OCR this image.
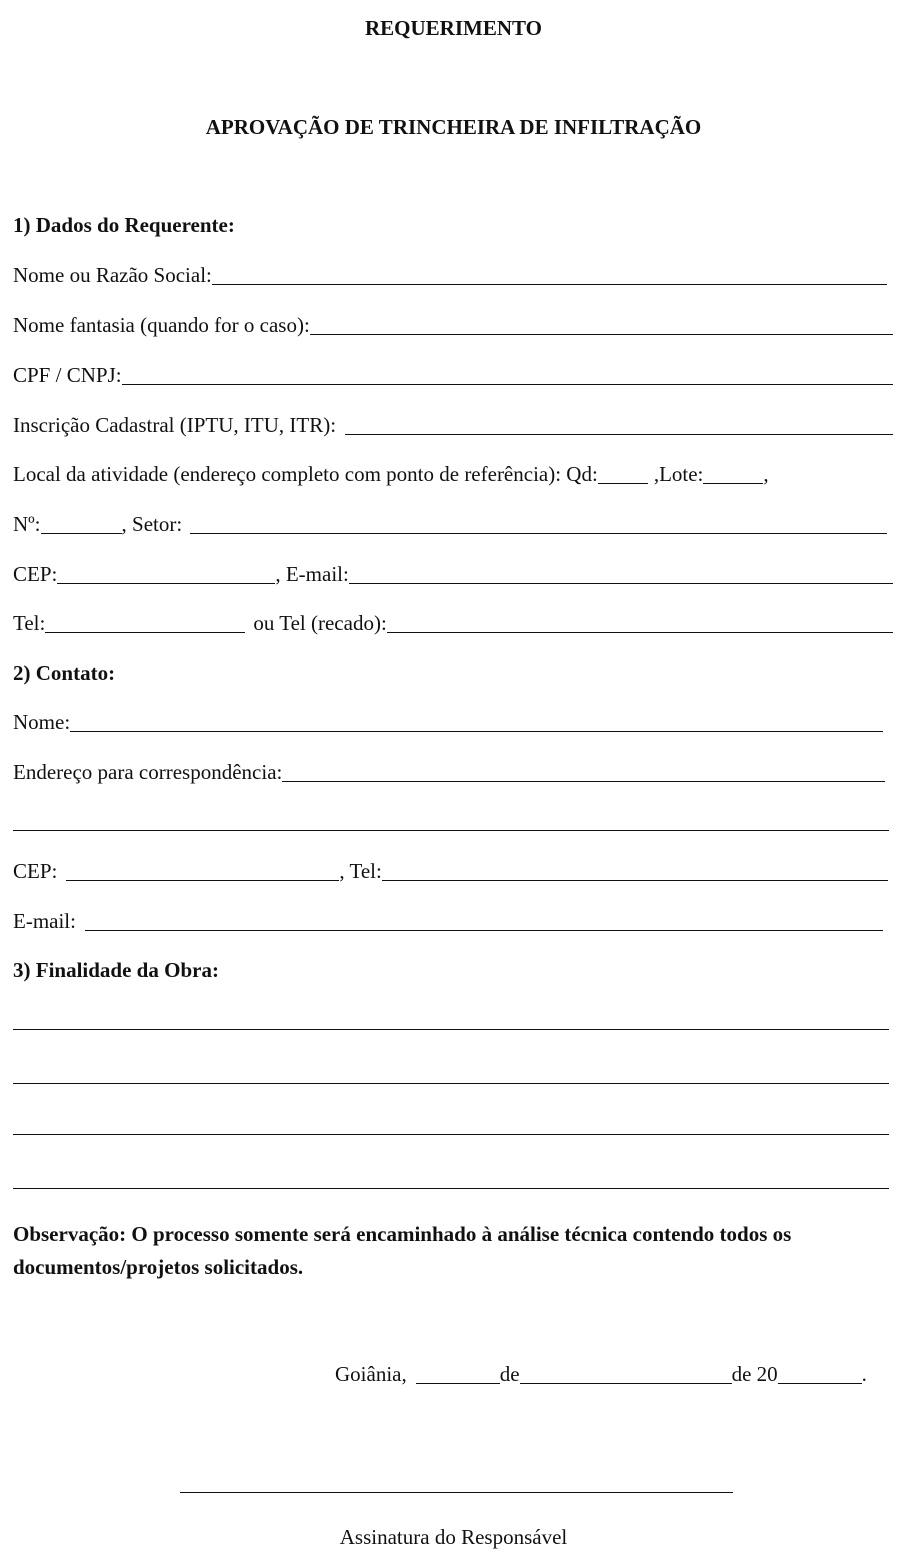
REQUERIMENTO
APROVAÇÃO DE TRINCHEIRA DE INFILTRAÇÃO
1) Dados do Requerente:
Nome ou Razão Social:
Nome fantasia (quando for o caso):
CPF / CNPJ:
Inscrição Cadastral (IPTU, ITU, ITR):
Local da atividade (endereço completo com ponto de referência): Qd:	,Lote:	,
Nº:	, Setor:
CEP:	, E-mail:
Tel:	ou Tel (recado):
2) Contato:
Nome:
Endereço para correspondência:
CEP:	, Tel:
E-mail:
3) Finalidade da Obra:
Observação: O processo somente será encaminhado à análise técnica contendo todos os documentos/projetos solicitados.
Goiânia,	de	de 20	.
Assinatura do Responsável
